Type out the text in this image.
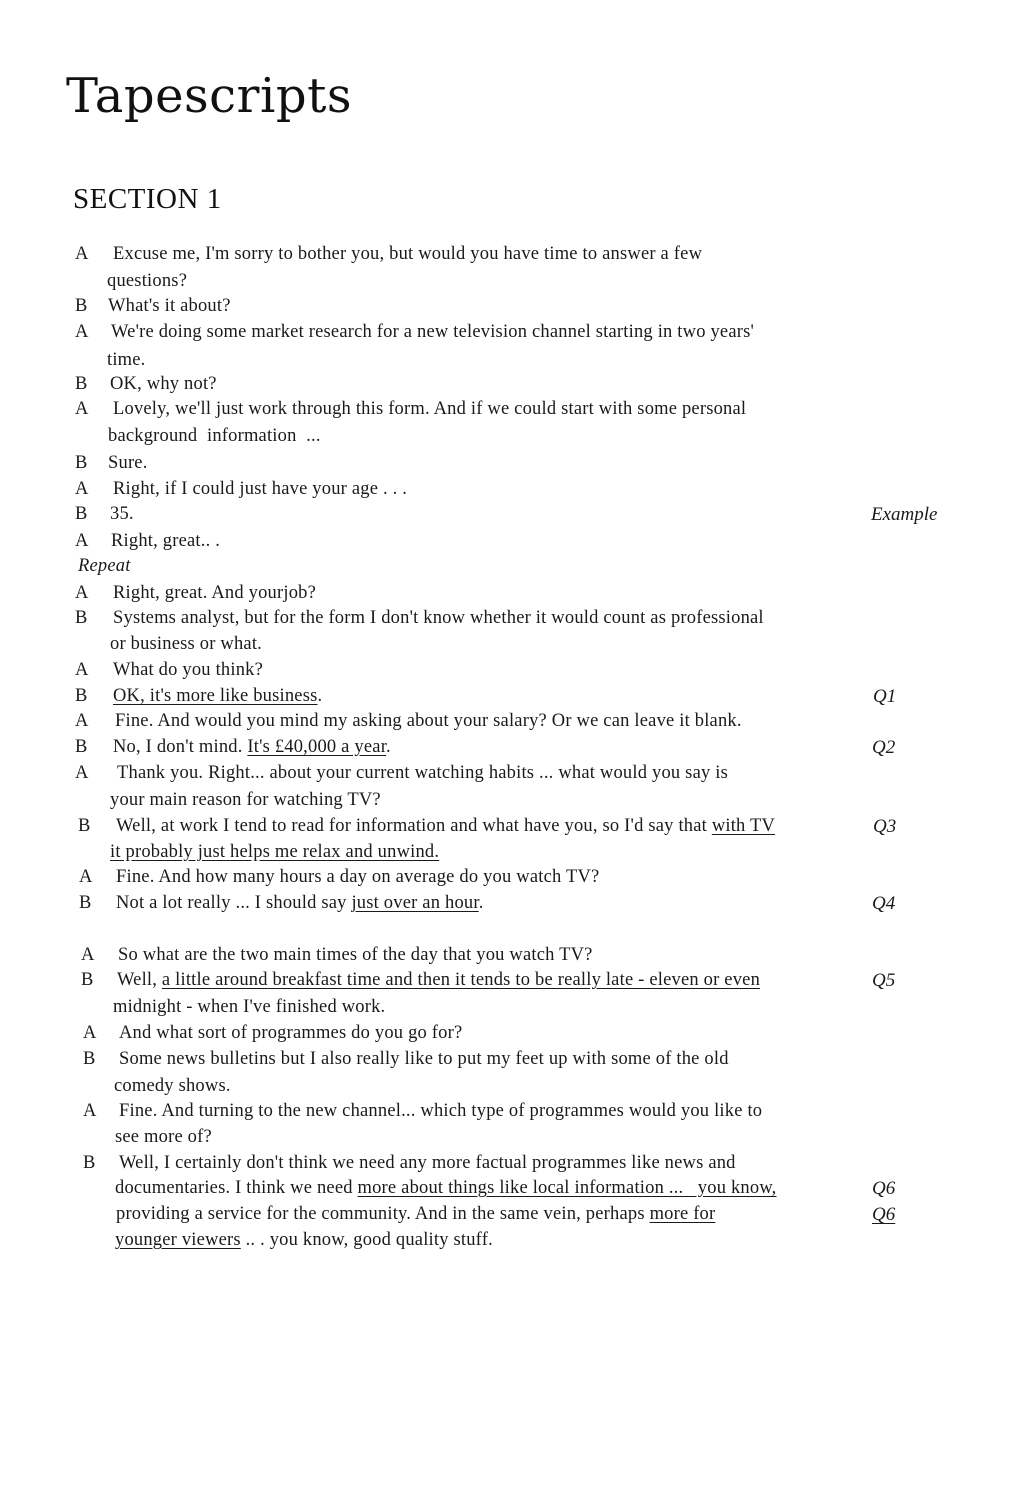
Tapescripts
SECTION 1
A Excuse me, I'm sorry to bother you, but would you have time to answer a few
questions?
B What's it about?
A We're doing some market research for a new television channel starting in two years'
time.
B OK, why not?
A Lovely, we'll just work through this form. And if we could start with some personal
background  information  ...
B Sure.
A Right, if I could just have your age . . .
B 35.	Example
A Right, great.. .
Repeat
A Right, great. And yourjob?
B Systems analyst, but for the form I don't know whether it would count as professional
or business or what.
A What do you think?
B OK, it's more like business.	Q1
A Fine. And would you mind my asking about your salary? Or we can leave it blank.
B No, I don't mind. It's £40,000 a year.	Q2
A Thank you. Right... about your current watching habits ... what would you say is
your main reason for watching TV?
B Well, at work I tend to read for information and what have you, so I'd say that with TV	Q3
it probably just helps me relax and unwind.
A Fine. And how many hours a day on average do you watch TV?
B Not a lot really ... I should say just over an hour.	Q4
A So what are the two main times of the day that you watch TV?
B Well, a little around breakfast time and then it tends to be really late - eleven or even	Q5
midnight - when I've finished work.
A And what sort of programmes do you go for?
B Some news bulletins but I also really like to put my feet up with some of the old
comedy shows.
A Fine. And turning to the new channel... which type of programmes would you like to
see more of?
B Well, I certainly don't think we need any more factual programmes like news and
documentaries. I think we need more about things like local information ...   you know,	Q6
providing a service for the community. And in the same vein, perhaps more for	Q6
younger viewers .. . you know, good quality stuff.
